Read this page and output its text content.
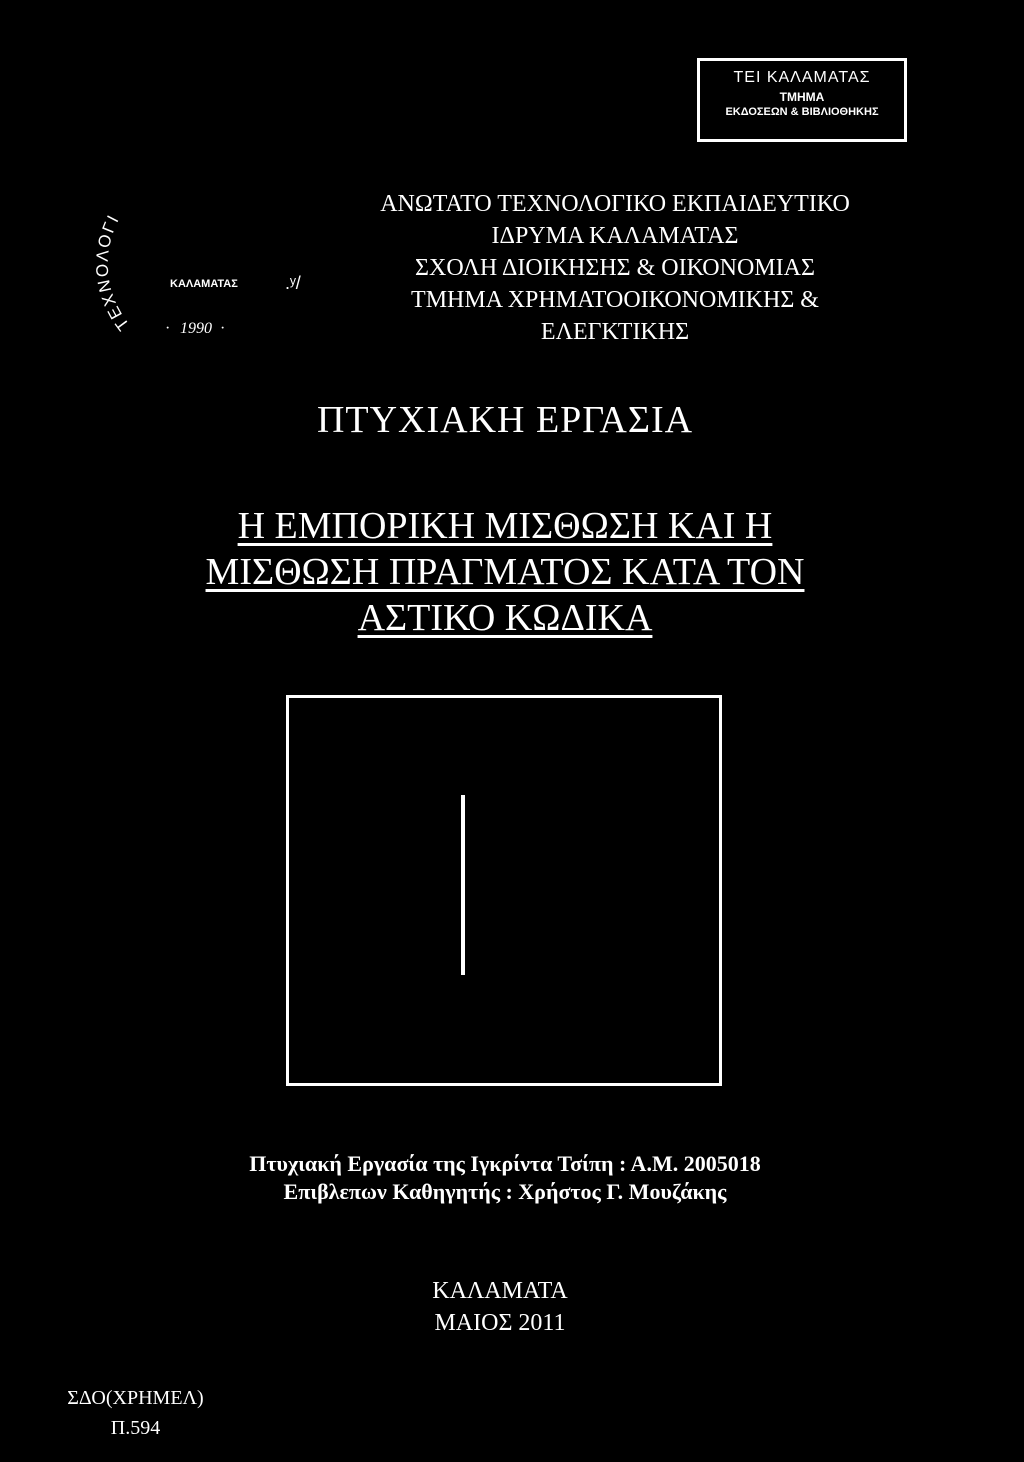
ΤΕΙ ΚΑΛΑΜΑΤΑΣ
ΤΜΗΜΑ
ΕΚΔΟΣΕΩΝ & ΒΙΒΛΙΟΘΗΚΗΣ
ΤΕΧΝΟΛΟΓΙ
ΚΑΛΑΜΑΤΑΣ	.ʸ/
1990
·	·
ΑΝΩΤΑΤΟ ΤΕΧΝΟΛΟΓΙΚΟ ΕΚΠΑΙΔΕΥΤΙΚΟ
ΙΔΡΥΜΑ ΚΑΛΑΜΑΤΑΣ
ΣΧΟΛΗ ΔΙΟΙΚΗΣΗΣ & ΟΙΚΟΝΟΜΙΑΣ
ΤΜΗΜΑ ΧΡΗΜΑΤΟΟΙΚΟΝΟΜΙΚΗΣ &
ΕΛΕΓΚΤΙΚΗΣ
ΠΤΥΧΙΑΚΗ ΕΡΓΑΣΙΑ
Η ΕΜΠΟΡΙΚΗ ΜΙΣΘΩΣΗ ΚΑΙ Η
ΜΙΣΘΩΣΗ ΠΡΑΓΜΑΤΟΣ ΚΑΤΑ ΤΟΝ
ΑΣΤΙΚΟ ΚΩΔΙΚΑ
Πτυχιακή Εργασία της Ιγκρίντα Τσίπη : Α.Μ. 2005018
Επιβλεπων Καθηγητής : Χρήστος Γ. Μουζάκης
ΚΑΛΑΜΑΤΑ
ΜΑΙΟΣ 2011
ΣΔΟ(ΧΡΗΜΕΛ)
Π.594
